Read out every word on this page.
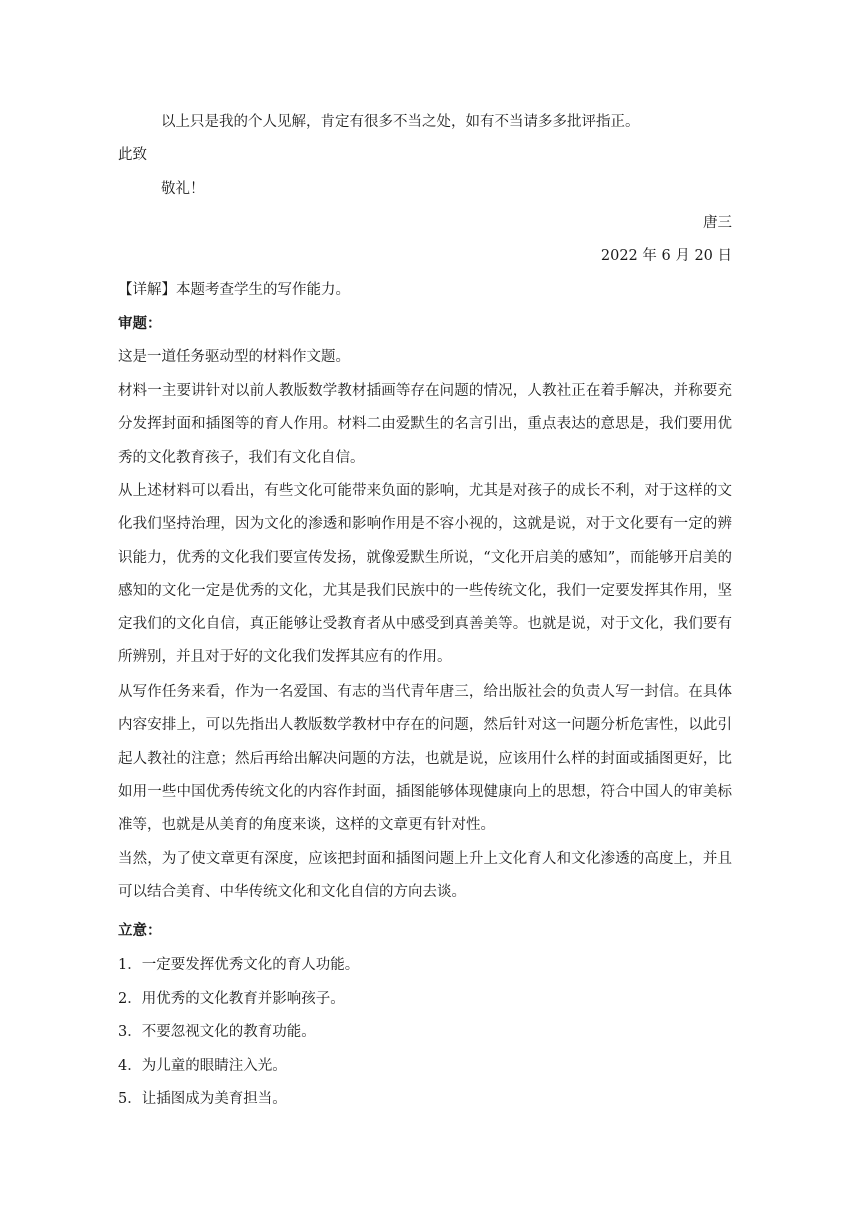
以上只是我的个人见解，肯定有很多不当之处，如有不当请多多批评指正。
此致
敬礼！
唐三
2022 年 6 月 20 日
【详解】本题考查学生的写作能力。
审题：
这是一道任务驱动型的材料作文题。
材料一主要讲针对以前人教版数学教材插画等存在问题的情况，人教社正在着手解决，并称要充分发挥封面和插图等的育人作用。材料二由爱默生的名言引出，重点表达的意思是，我们要用优秀的文化教育孩子，我们有文化自信。
从上述材料可以看出，有些文化可能带来负面的影响，尤其是对孩子的成长不利，对于这样的文化我们坚持治理，因为文化的渗透和影响作用是不容小视的，这就是说，对于文化要有一定的辨识能力，优秀的文化我们要宣传发扬，就像爱默生所说，“文化开启美的感知”，而能够开启美的感知的文化一定是优秀的文化，尤其是我们民族中的一些传统文化，我们一定要发挥其作用，坚定我们的文化自信，真正能够让受教育者从中感受到真善美等。也就是说，对于文化，我们要有所辨别，并且对于好的文化我们发挥其应有的作用。
从写作任务来看，作为一名爱国、有志的当代青年唐三，给出版社会的负责人写一封信。在具体内容安排上，可以先指出人教版数学教材中存在的问题，然后针对这一问题分析危害性，以此引起人教社的注意；然后再给出解决问题的方法，也就是说，应该用什么样的封面或插图更好，比如用一些中国优秀传统文化的内容作封面，插图能够体现健康向上的思想，符合中国人的审美标准等，也就是从美育的角度来谈，这样的文章更有针对性。
当然，为了使文章更有深度，应该把封面和插图问题上升上文化育人和文化渗透的高度上，并且可以结合美育、中华传统文化和文化自信的方向去谈。
立意：
1．一定要发挥优秀文化的育人功能。
2．用优秀的文化教育并影响孩子。
3．不要忽视文化的教育功能。
4．为儿童的眼睛注入光。
5．让插图成为美育担当。
